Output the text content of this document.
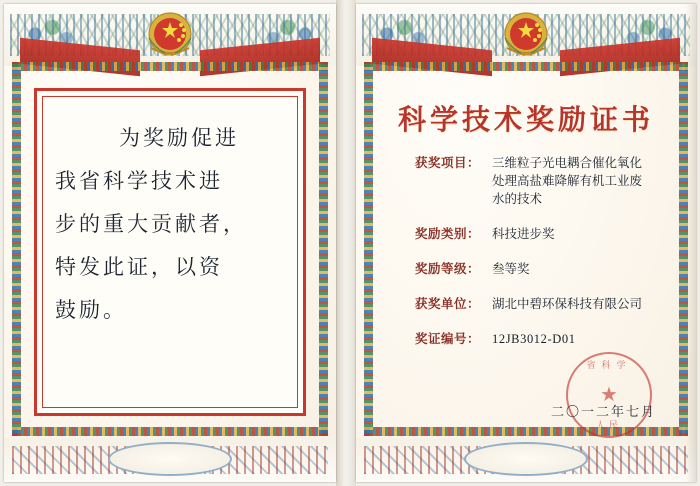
为奖励促进
我省科学技术进
步的重大贡献者，
特发此证，以资
鼓励。
科学技术奖励证书
获奖项目： 三维粒子光电耦合催化氧化
处理高盐难降解有机工业废
水的技术
奖励类别： 科技进步奖
奖励等级： 叁等奖
获奖单位： 湖北中碧环保科技有限公司
奖证编号： 12JB3012-D01
省科学
★
人民
二〇一二年七月
